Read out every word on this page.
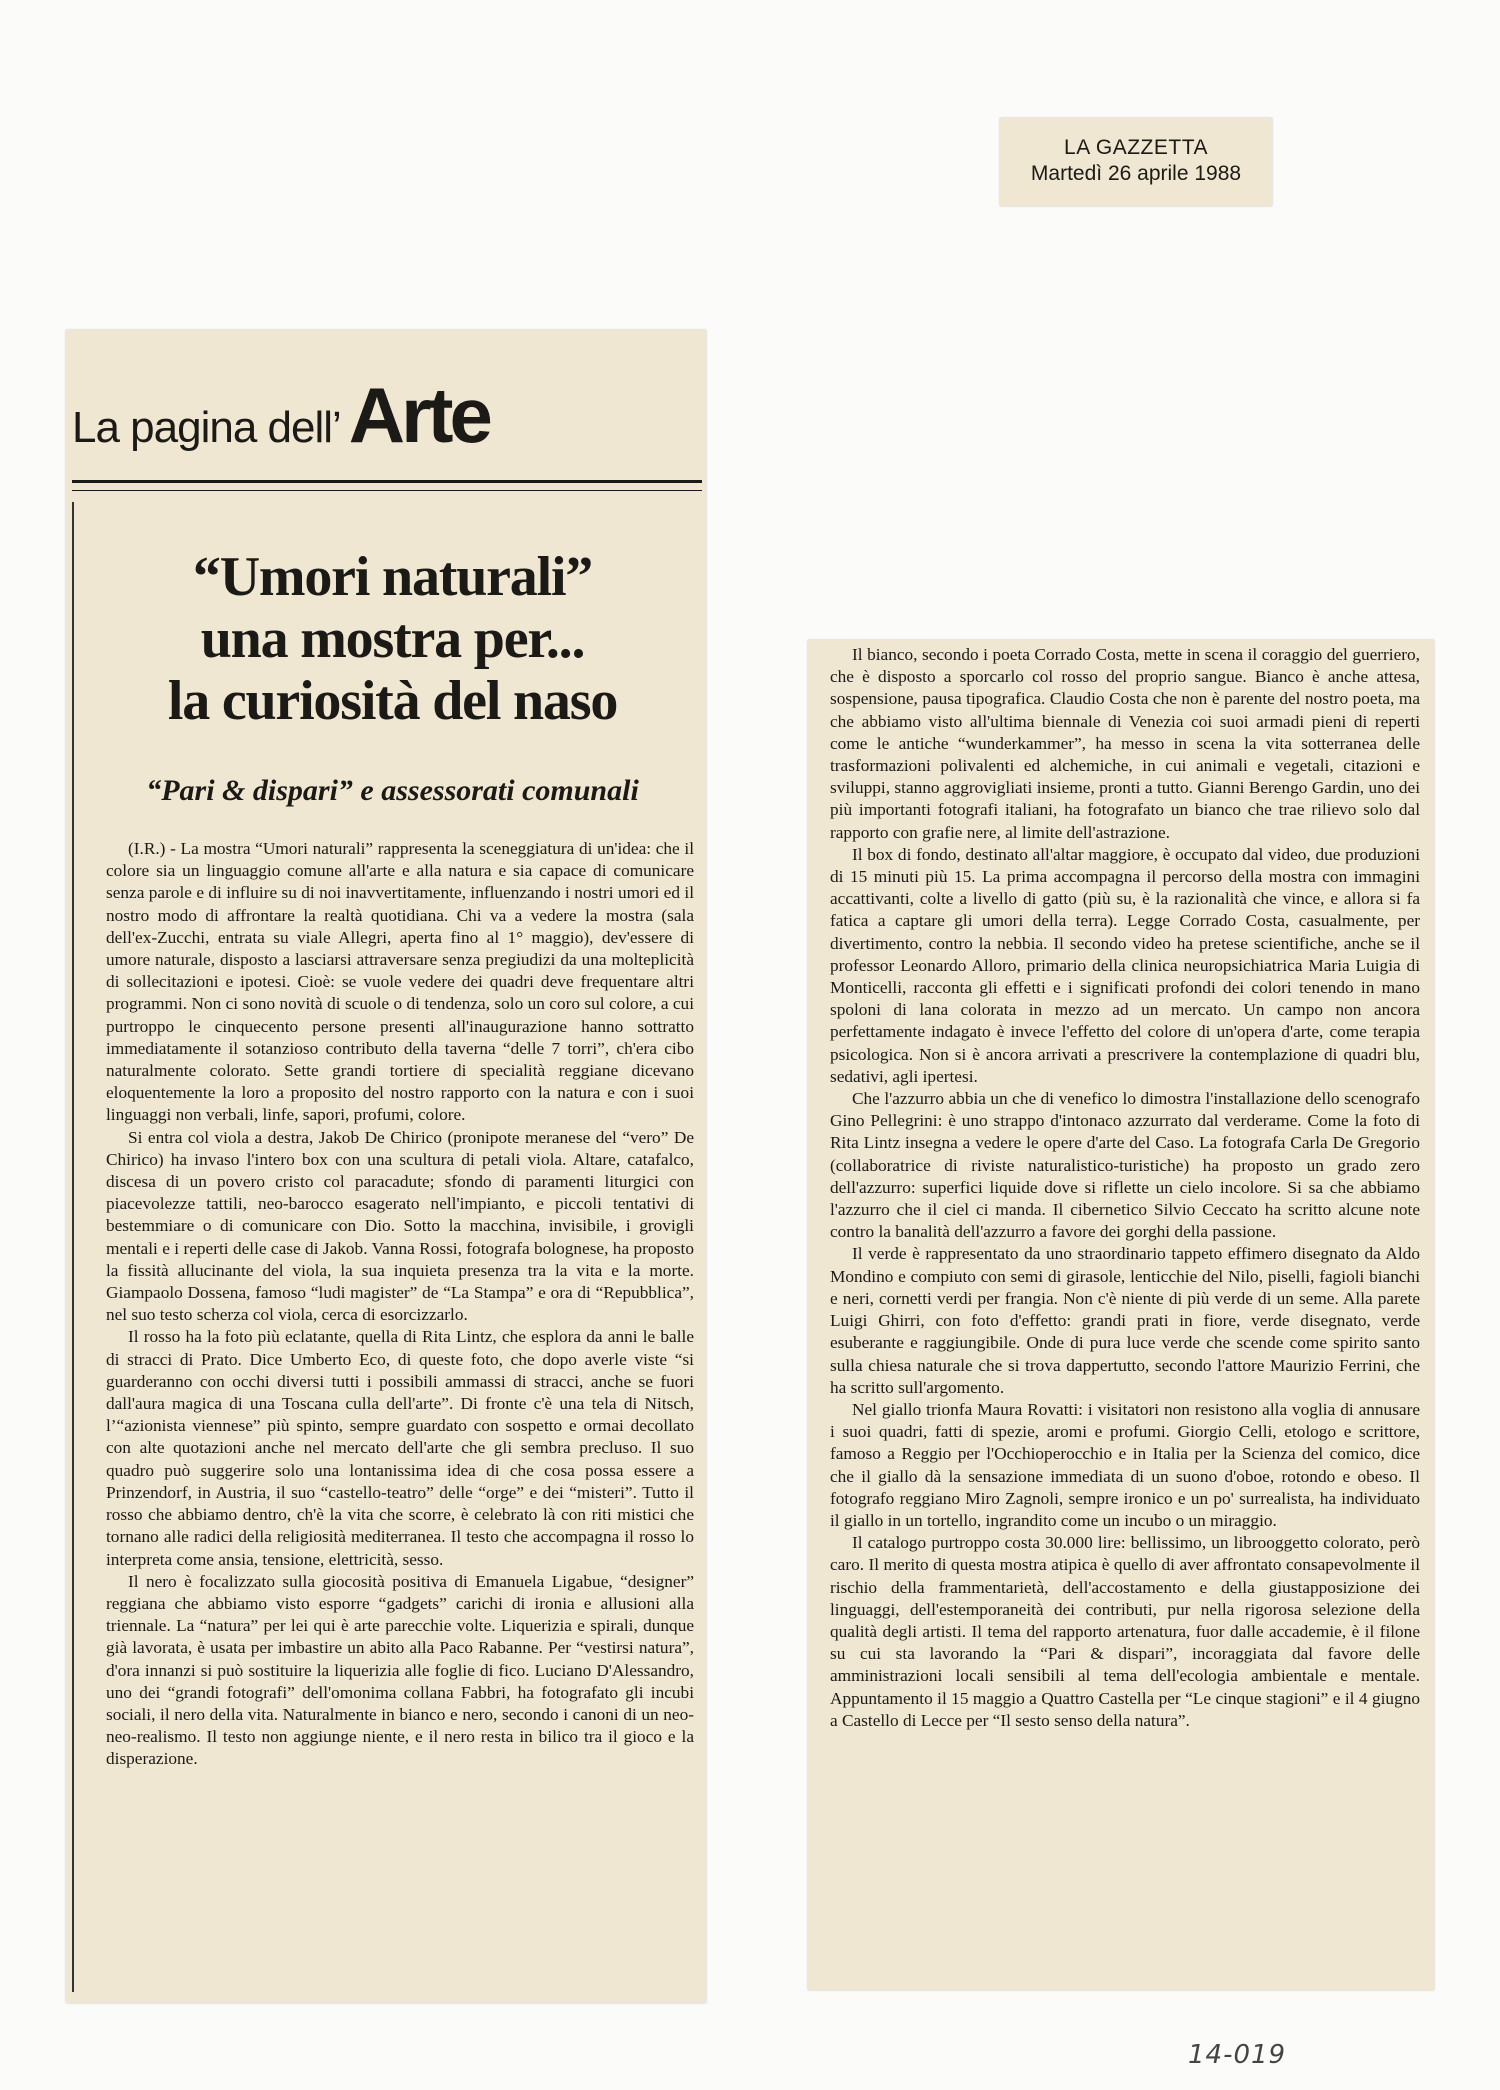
LA GAZZETTA
Martedì 26 aprile 1988
La pagina dell’ Arte
“Umori naturali”
una mostra per...
la curiosità del naso
“Pari & dispari” e assessorati comunali

(I.R.) - La mostra “Umori naturali” rappresenta la sceneggiatura di un'idea: che il colore sia un linguaggio comune all'arte e alla natura e sia capace di comunicare senza parole e di influire su di noi inavvertitamente, influenzando i nostri umori ed il nostro modo di affrontare la realtà quotidiana. Chi va a vedere la mostra (sala dell'ex-Zucchi, entrata su viale Allegri, aperta fino al 1° maggio), dev'essere di umore naturale, disposto a lasciarsi attraversare senza pregiudizi da una molteplicità di sollecitazioni e ipotesi. Cioè: se vuole vedere dei quadri deve frequentare altri programmi. Non ci sono novità di scuole o di tendenza, solo un coro sul colore, a cui purtroppo le cinquecento persone presenti all'inaugurazione hanno sottratto immediatamente il sotanzioso contributo della taverna “delle 7 torri”, ch'era cibo naturalmente colorato. Sette grandi tortiere di specialità reggiane dicevano eloquentemente la loro a proposito del nostro rapporto con la natura e con i suoi linguaggi non verbali, linfe, sapori, profumi, colore.

Si entra col viola a destra, Jakob De Chirico (pronipote meranese del “vero” De Chirico) ha invaso l'intero box con una scultura di petali viola. Altare, catafalco, discesa di un povero cristo col paracadute; sfondo di paramenti liturgici con piacevolezze tattili, neo-barocco esagerato nell'impianto, e piccoli tentativi di bestemmiare o di comunicare con Dio. Sotto la macchina, invisibile, i grovigli mentali e i reperti delle case di Jakob. Vanna Rossi, fotografa bolognese, ha proposto la fissità allucinante del viola, la sua inquieta presenza tra la vita e la morte. Giampaolo Dossena, famoso “ludi magister” de “La Stampa” e ora di “Repubblica”, nel suo testo scherza col viola, cerca di esorcizzarlo.

Il rosso ha la foto più eclatante, quella di Rita Lintz, che esplora da anni le balle di stracci di Prato. Dice Umberto Eco, di queste foto, che dopo averle viste “si guarderanno con occhi diversi tutti i possibili ammassi di stracci, anche se fuori dall'aura magica di una Toscana culla dell'arte”. Di fronte c'è una tela di Nitsch, l’“azionista viennese” più spinto, sempre guardato con sospetto e ormai decollato con alte quotazioni anche nel mercato dell'arte che gli sembra precluso. Il suo quadro può suggerire solo una lontanissima idea di che cosa possa essere a Prinzendorf, in Austria, il suo “castello-teatro” delle “orge” e dei “misteri”. Tutto il rosso che abbiamo dentro, ch'è la vita che scorre, è celebrato là con riti mistici che tornano alle radici della religiosità mediterranea. Il testo che accompagna il rosso lo interpreta come ansia, tensione, elettricità, sesso.

Il nero è focalizzato sulla giocosità positiva di Emanuela Ligabue, “designer” reggiana che abbiamo visto esporre “gadgets” carichi di ironia e allusioni alla triennale. La “natura” per lei qui è arte parecchie volte. Liquerizia e spirali, dunque già lavorata, è usata per imbastire un abito alla Paco Rabanne. Per “vestirsi natura”, d'ora innanzi si può sostituire la liquerizia alle foglie di fico. Luciano D'Alessandro, uno dei “grandi fotografi” dell'omonima collana Fabbri, ha fotografato gli incubi sociali, il nero della vita. Naturalmente in bianco e nero, secondo i canoni di un neo-neo-realismo. Il testo non aggiunge niente, e il nero resta in bilico tra il gioco e la disperazione.

Il bianco, secondo i poeta Corrado Costa, mette in scena il coraggio del guerriero, che è disposto a sporcarlo col rosso del proprio sangue. Bianco è anche attesa, sospensione, pausa tipografica. Claudio Costa che non è parente del nostro poeta, ma che abbiamo visto all'ultima biennale di Venezia coi suoi armadi pieni di reperti come le antiche “wunderkammer”, ha messo in scena la vita sotterranea delle trasformazioni polivalenti ed alchemiche, in cui animali e vegetali, citazioni e sviluppi, stanno aggrovigliati insieme, pronti a tutto. Gianni Berengo Gardin, uno dei più importanti fotografi italiani, ha fotografato un bianco che trae rilievo solo dal rapporto con grafie nere, al limite dell'astrazione.

Il box di fondo, destinato all'altar maggiore, è occupato dal video, due produzioni di 15 minuti più 15. La prima accompagna il percorso della mostra con immagini accattivanti, colte a livello di gatto (più su, è la razionalità che vince, e allora si fa fatica a captare gli umori della terra). Legge Corrado Costa, casualmente, per divertimento, contro la nebbia. Il secondo video ha pretese scientifiche, anche se il professor Leonardo Alloro, primario della clinica neuropsichiatrica Maria Luigia di Monticelli, racconta gli effetti e i significati profondi dei colori tenendo in mano spoloni di lana colorata in mezzo ad un mercato. Un campo non ancora perfettamente indagato è invece l'effetto del colore di un'opera d'arte, come terapia psicologica. Non si è ancora arrivati a prescrivere la contemplazione di quadri blu, sedativi, agli ipertesi.

Che l'azzurro abbia un che di venefico lo dimostra l'installazione dello scenografo Gino Pellegrini: è uno strappo d'intonaco azzurrato dal verderame. Come la foto di Rita Lintz insegna a vedere le opere d'arte del Caso. La fotografa Carla De Gregorio (collaboratrice di riviste naturalistico-turistiche) ha proposto un grado zero dell'azzurro: superfici liquide dove si riflette un cielo incolore. Si sa che abbiamo l'azzurro che il ciel ci manda. Il cibernetico Silvio Ceccato ha scritto alcune note contro la banalità dell'azzurro a favore dei gorghi della passione.

Il verde è rappresentato da uno straordinario tappeto effimero disegnato da Aldo Mondino e compiuto con semi di girasole, lenticchie del Nilo, piselli, fagioli bianchi e neri, cornetti verdi per frangia. Non c'è niente di più verde di un seme. Alla parete Luigi Ghirri, con foto d'effetto: grandi prati in fiore, verde disegnato, verde esuberante e raggiungibile. Onde di pura luce verde che scende come spirito santo sulla chiesa naturale che si trova dappertutto, secondo l'attore Maurizio Ferrini, che ha scritto sull'argomento.

Nel giallo trionfa Maura Rovatti: i visitatori non resistono alla voglia di annusare i suoi quadri, fatti di spezie, aromi e profumi. Giorgio Celli, etologo e scrittore, famoso a Reggio per l'Occhioperocchio e in Italia per la Scienza del comico, dice che il giallo dà la sensazione immediata di un suono d'oboe, rotondo e obeso. Il fotografo reggiano Miro Zagnoli, sempre ironico e un po' surrealista, ha individuato il giallo in un tortello, ingrandito come un incubo o un miraggio.

Il catalogo purtroppo costa 30.000 lire: bellissimo, un librooggetto colorato, però caro. Il merito di questa mostra atipica è quello di aver affrontato consapevolmente il rischio della frammentarietà, dell'accostamento e della giustapposizione dei linguaggi, dell'estemporaneità dei contributi, pur nella rigorosa selezione della qualità degli artisti. Il tema del rapporto artenatura, fuor dalle accademie, è il filone su cui sta lavorando la “Pari & dispari”, incoraggiata dal favore delle amministrazioni locali sensibili al tema dell'ecologia ambientale e mentale. Appuntamento il 15 maggio a Quattro Castella per “Le cinque stagioni” e il 4 giugno a Castello di Lecce per “Il sesto senso della natura”.

14-019
